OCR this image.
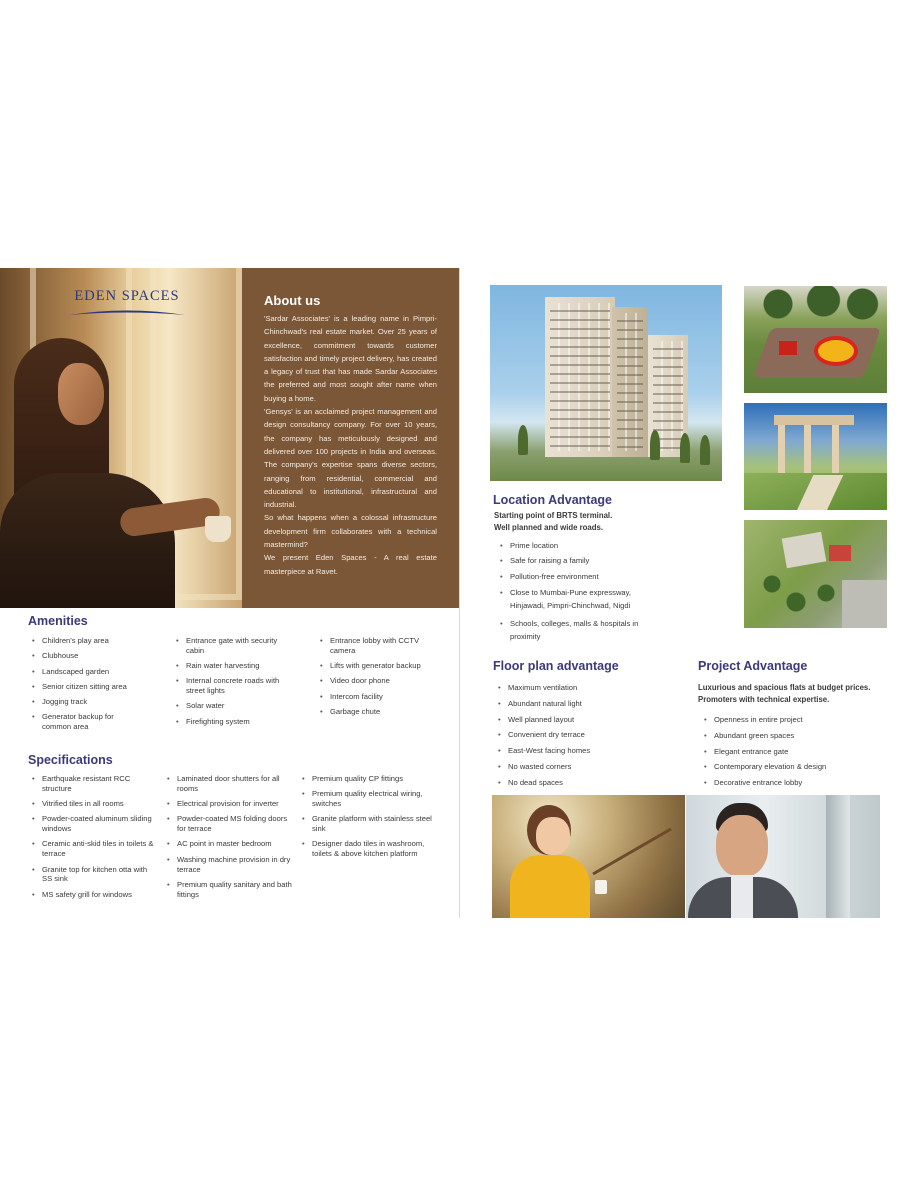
EDEN SPACES	About us

'Sardar Associates' is a leading name in Pimpri-Chinchwad's real estate market. Over 25 years of excellence, commitment towards customer satisfaction and timely project delivery, has created a legacy of trust that has made Sardar Associates the preferred and most sought after name when buying a home.

'Gensys' is an acclaimed project management and design consultancy company. For over 10 years, the company has meticulously designed and delivered over 100 projects in India and overseas. The company's expertise spans diverse sectors, ranging from residential, commercial and educational to institutional, infrastructural and industrial.

So what happens when a colossal infrastructure development firm collaborates with a technical mastermind?

We present Eden Spaces - A real estate masterpiece at Ravet.

Amenities
• Children's play area
• Clubhouse
• Landscaped garden
• Senior citizen sitting area
• Jogging track
• Generator backup for common area
• Entrance gate with security cabin
• Rain water harvesting
• Internal concrete roads with street lights
• Solar water
• Firefighting system
• Entrance lobby with CCTV camera
• Lifts with generator backup
• Video door phone
• Intercom facility
• Garbage chute
Specifications
• Earthquake resistant RCC structure
• Vitrified tiles in all rooms
• Powder-coated aluminum sliding windows
• Ceramic anti-skid tiles in toilets & terrace
• Granite top for kitchen otta with SS sink
• MS safety grill for windows
• Laminated door shutters for all rooms
• Electrical provision for inverter
• Powder-coated MS folding doors for terrace
• AC point in master bedroom
• Washing machine provision in dry terrace
• Premium quality sanitary and bath fittings
• Premium quality CP fittings
• Premium quality electrical wiring, switches
• Granite platform with stainless steel sink
• Designer dado tiles in washroom, toilets & above kitchen platform
Location Advantage
Starting point of BRTS terminal.
Well planned and wide roads.
• Prime location
• Safe for raising a family
• Pollution-free environment
• Close to Mumbai-Pune expressway, Hinjawadi, Pimpri-Chinchwad, Nigdi
• Schools, colleges, malls & hospitals in proximity
Floor plan advantage
• Maximum ventilation
• Abundant natural light
• Well planned layout
• Convenient dry terrace
• East-West facing homes
• No wasted corners
• No dead spaces
Project Advantage
Luxurious and spacious flats at budget prices.
Promoters with technical expertise.
• Openness in entire project
• Abundant green spaces
• Elegant entrance gate
• Contemporary elevation & design
• Decorative entrance lobby
